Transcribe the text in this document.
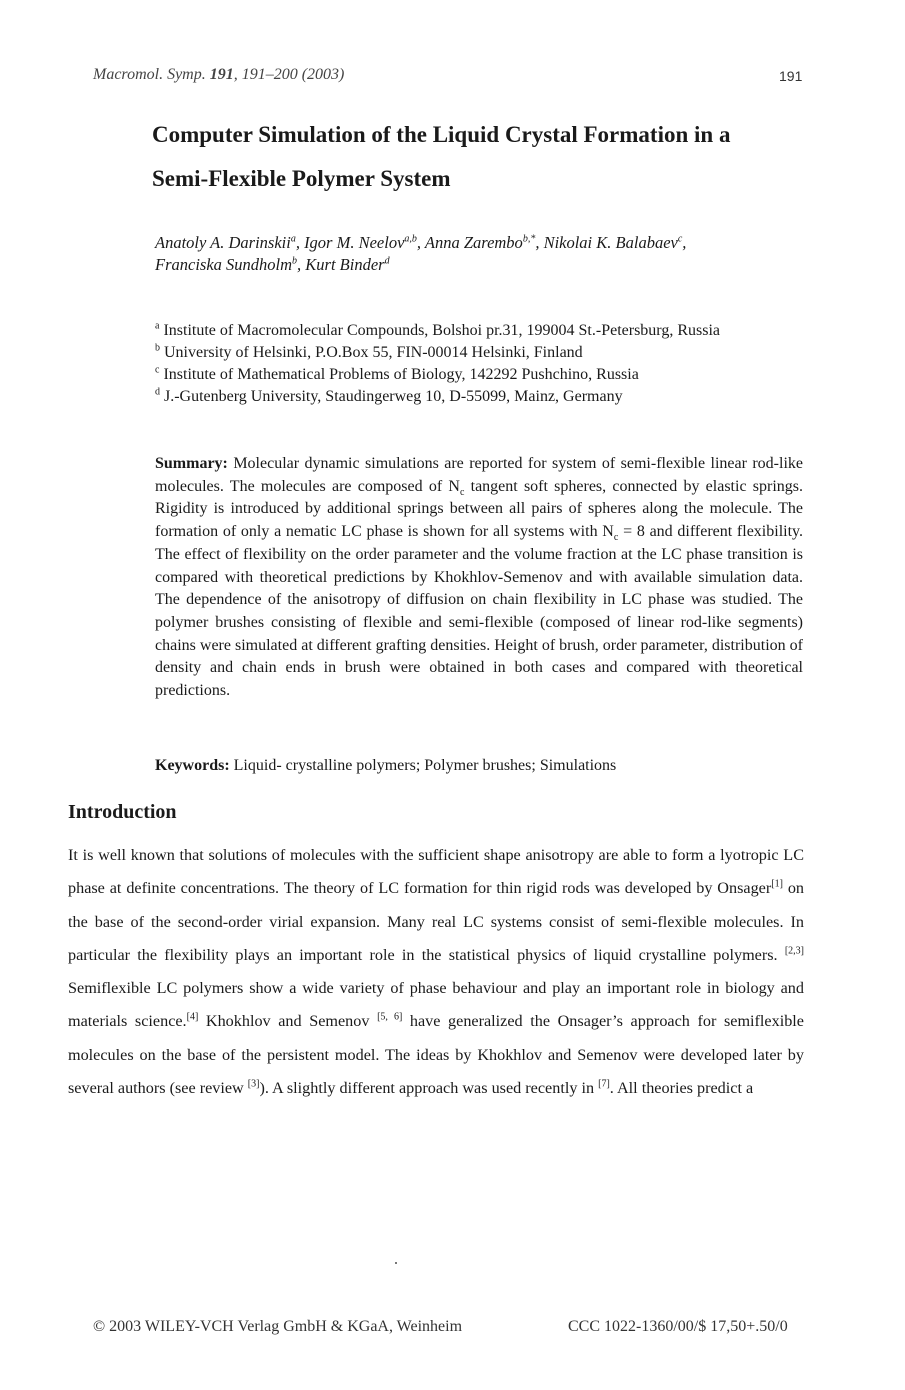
Macromol. Symp. 191, 191–200 (2003)	191
Computer Simulation of the Liquid Crystal Formation in a
Semi-Flexible Polymer System
Anatoly A. Darinskii$^a$, Igor M. Neelov$^{a,b}$, Anna Zarembo$^{b,*}$, Nikolai K. Balabaev$^c$,
Franciska Sundholm$^b$, Kurt Binder$^d$
$^a$ Institute of Macromolecular Compounds, Bolshoi pr.31, 199004 St.-Petersburg, Russia
$^b$ University of Helsinki, P.O.Box 55, FIN-00014 Helsinki, Finland
$^c$ Institute of Mathematical Problems of Biology, 142292 Pushchino, Russia
$^d$ J.-Gutenberg University, Staudingerweg 10, D-55099, Mainz, Germany
Summary: Molecular dynamic simulations are reported for system of semi-flexible linear rod-like molecules. The molecules are composed of $N_c$ tangent soft spheres, connected by elastic springs. Rigidity is introduced by additional springs between all pairs of spheres along the molecule. The formation of only a nematic LC phase is shown for all systems with $N_c = 8$ and different flexibility. The effect of flexibility on the order parameter and the volume fraction at the LC phase transition is compared with theoretical predictions by Khokhlov-Semenov and with available simulation data. The dependence of the anisotropy of diffusion on chain flexibility in LC phase was studied. The polymer brushes consisting of flexible and semi-flexible (composed of linear rod-like segments) chains were simulated at different grafting densities. Height of brush, order parameter, distribution of density and chain ends in brush were obtained in both cases and compared with theoretical predictions.
Keywords: Liquid- crystalline polymers; Polymer brushes; Simulations
Introduction
It is well known that solutions of molecules with the sufficient shape anisotropy are able to form a lyotropic LC phase at definite concentrations. The theory of LC formation for thin rigid rods was developed by Onsager[1] on the base of the second-order virial expansion. Many real LC systems consist of semi-flexible molecules. In particular the flexibility plays an important role in the statistical physics of liquid crystalline polymers. [2,3] Semiflexible LC polymers show a wide variety of phase behaviour and play an important role in biology and materials science.[4] Khokhlov and Semenov [5, 6] have generalized the Onsager’s approach for semiflexible molecules on the base of the persistent model. The ideas by Khokhlov and Semenov were developed later by several authors (see review [3]). A slightly different approach was used recently in [7]. All theories predict a
© 2003 WILEY-VCH Verlag GmbH & KGaA, Weinheim	CCC 1022-1360/00/$ 17,50+.50/0
